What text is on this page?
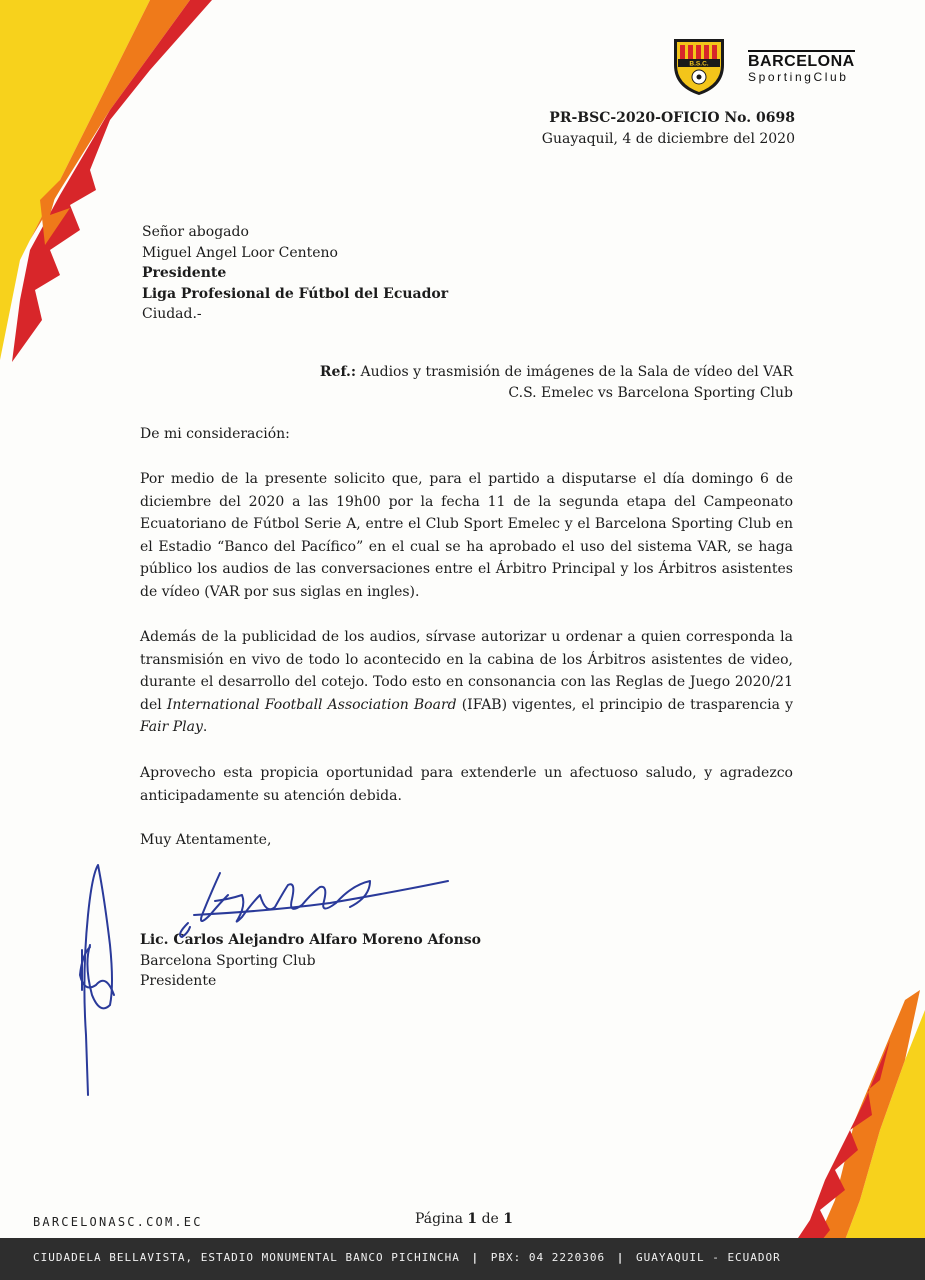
B.S.C. BARCELONA
SportingClub
PR-BSC-2020-OFICIO No. 0698
Guayaquil, 4 de diciembre del 2020
Señor abogado
Miguel Angel Loor Centeno
Presidente
Liga Profesional de Fútbol del Ecuador
Ciudad.-
Ref.: Audios y trasmisión de imágenes de la Sala de vídeo del VAR
C.S. Emelec vs Barcelona Sporting Club

De mi consideración:

Por medio de la presente solicito que, para el partido a disputarse el día domingo 6 de diciembre del 2020 a las 19h00 por la fecha 11 de la segunda etapa del Campeonato Ecuatoriano de Fútbol Serie A, entre el Club Sport Emelec y el Barcelona Sporting Club en el Estadio “Banco del Pacífico” en el cual se ha aprobado el uso del sistema VAR, se haga público los audios de las conversaciones entre el Árbitro Principal y los Árbitros asistentes de vídeo (VAR por sus siglas en ingles).

Además de la publicidad de los audios, sírvase autorizar u ordenar a quien corresponda la transmisión en vivo de todo lo acontecido en la cabina de los Árbitros asistentes de video, durante el desarrollo del cotejo. Todo esto en consonancia con las Reglas de Juego 2020/21 del International Football Association Board (IFAB) vigentes, el principio de trasparencia y Fair Play.

Aprovecho esta propicia oportunidad para extenderle un afectuoso saludo, y agradezco anticipadamente su atención debida.

Muy Atentamente,

Lic. Carlos Alejandro Alfaro Moreno Afonso
Barcelona Sporting Club
Presidente
BARCELONASC.COM.EC	Página 1 de 1
CIUDADELA BELLAVISTA, ESTADIO MONUMENTAL BANCO PICHINCHA | PBX: 04 2220306 | GUAYAQUIL - ECUADOR
